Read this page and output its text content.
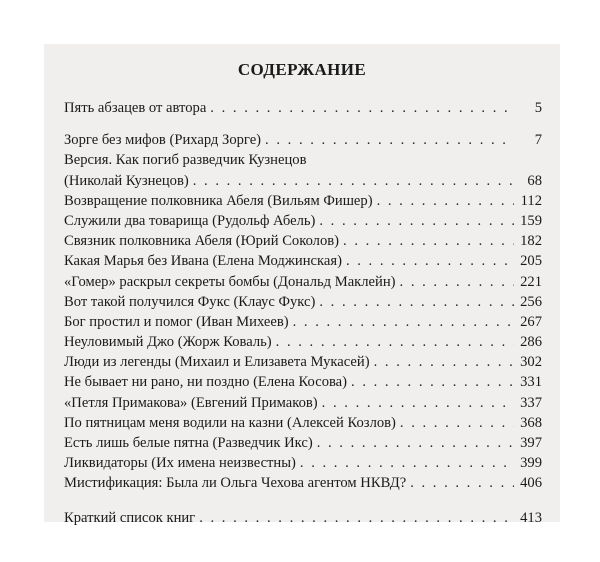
СОДЕРЖАНИЕ
Пять абзацев от автора . . .	5
Зорге без мифов (Рихард Зорге) . . .	7
Версия. Как погиб разведчик Кузнецов
(Николай Кузнецов) . . .	68
Возвращение полковника Абеля (Вильям Фишер) . . .	112
Служили два товарища (Рудольф Абель) . . .	159
Связник полковника Абеля (Юрий Соколов) . . .	182
Какая Марья без Ивана (Елена Моджинская) . . .	205
«Гомер» раскрыл секреты бомбы (Дональд Маклейн) . . .	221
Вот такой получился Фукс (Клаус Фукс) . . .	256
Бог простил и помог (Иван Михеев) . . .	267
Неуловимый Джо (Жорж Коваль) . . .	286
Люди из легенды (Михаил и Елизавета Мукасей) . . .	302
Не бывает ни рано, ни поздно (Елена Косова) . . .	331
«Петля Примакова» (Евгений Примаков) . . .	337
По пятницам меня водили на казни (Алексей Козлов) . . .	368
Есть лишь белые пятна (Разведчик Икс) . . .	397
Ликвидаторы (Их имена неизвестны) . . .	399
Мистификация: Была ли Ольга Чехова агентом НКВД? . . .	406
Краткий список книг . . .	413
